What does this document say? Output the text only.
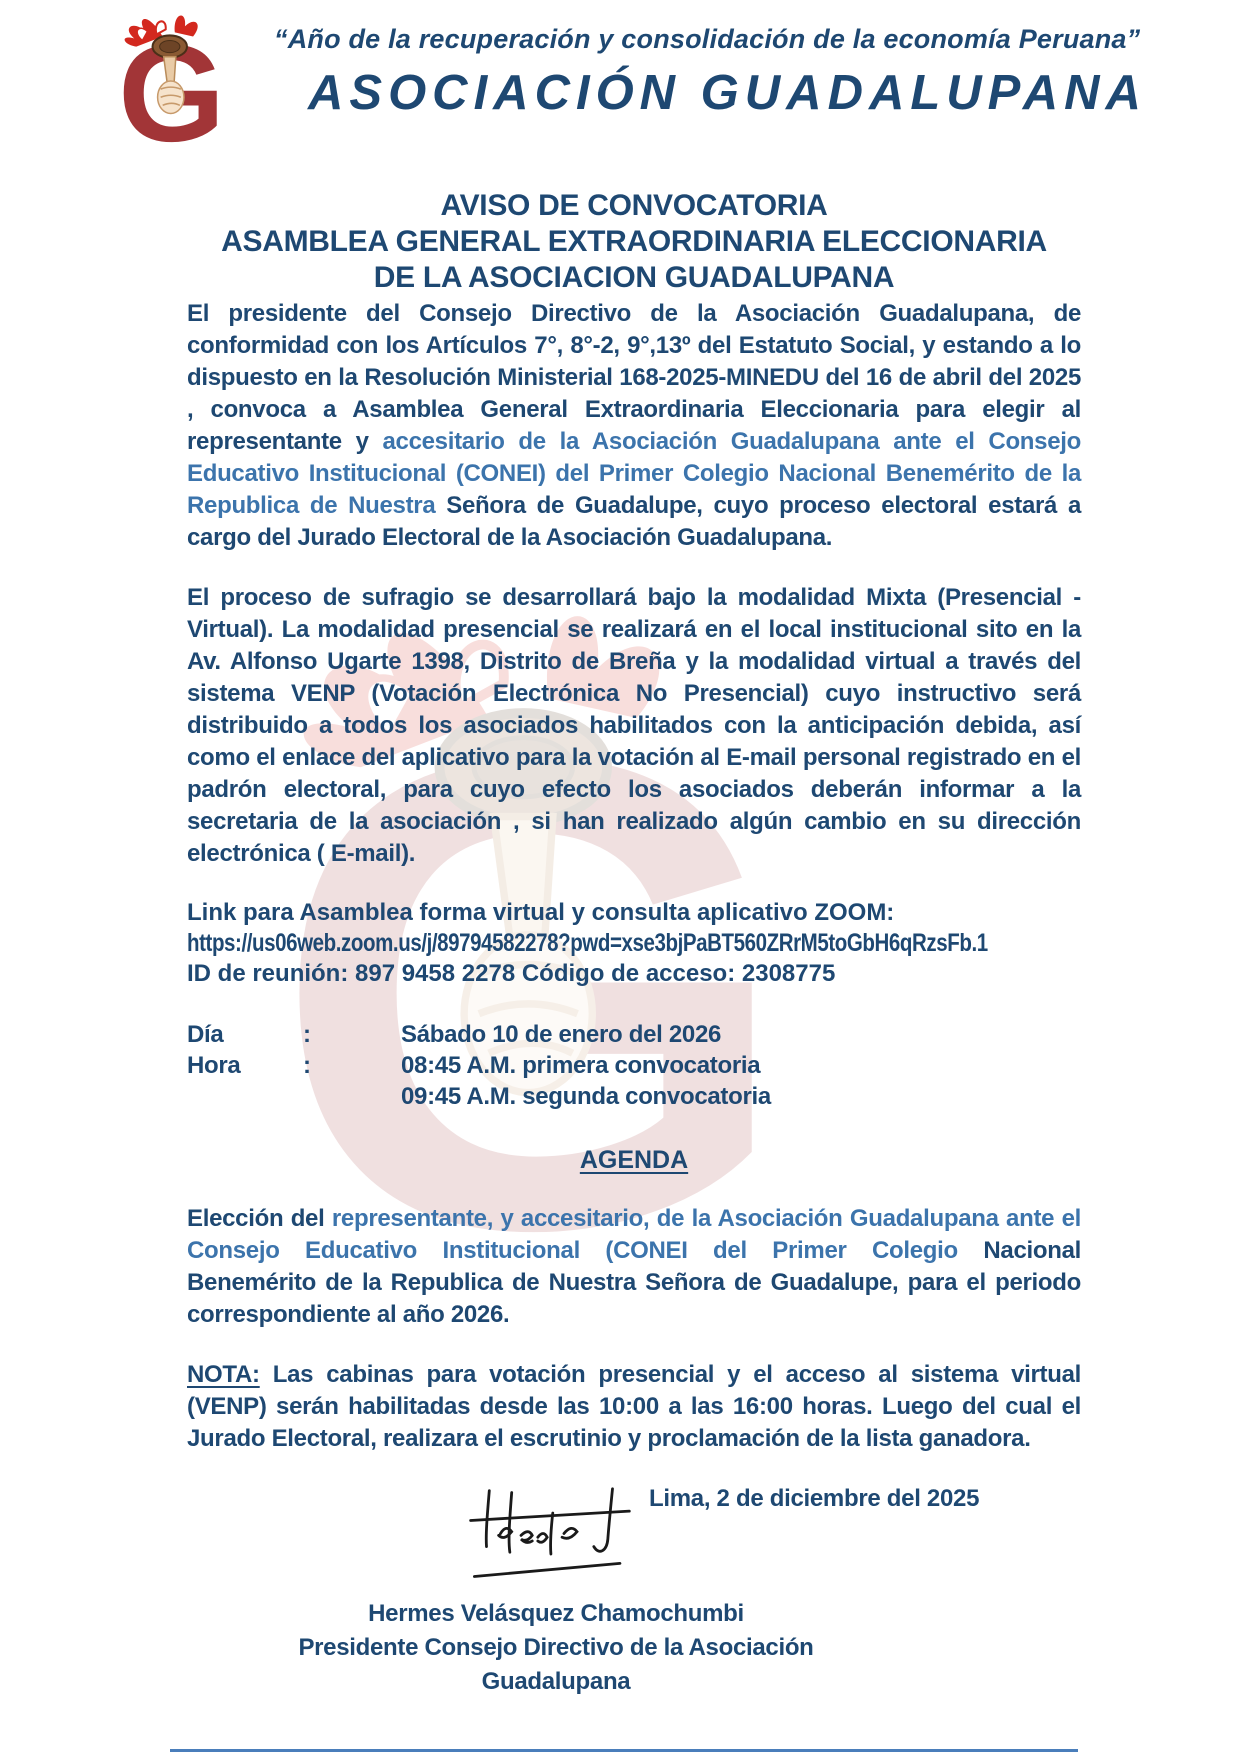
“Año de la recuperación y consolidación de la economía Peruana”
ASOCIACIÓN GUADALUPANA
AVISO DE CONVOCATORIA
ASAMBLEA GENERAL EXTRAORDINARIA ELECCIONARIA
DE LA ASOCIACION GUADALUPANA

El presidente del Consejo Directivo de la Asociación Guadalupana, de conformidad con los Artículos 7°, 8°-2, 9°,13º del Estatuto Social, y estando a lo dispuesto en la Resolución Ministerial 168-2025-MINEDU del 16 de abril del 2025 , convoca a Asamblea General Extraordinaria Eleccionaria para elegir al representante y accesitario de la Asociación Guadalupana ante el Consejo Educativo Institucional (CONEI) del Primer Colegio Nacional Benemérito de la Republica de Nuestra Señora de Guadalupe, cuyo proceso electoral estará a cargo del Jurado Electoral de la Asociación Guadalupana.

El proceso de sufragio se desarrollará bajo la modalidad Mixta (Presencial - Virtual). La modalidad presencial se realizará en el local institucional sito en la Av. Alfonso Ugarte 1398, Distrito de Breña y la modalidad virtual a través del sistema VENP (Votación Electrónica No Presencial) cuyo instructivo será distribuido a todos los asociados habilitados con la anticipación debida, así como el enlace del aplicativo para la votación al E-mail personal registrado en el padrón electoral, para cuyo efecto los asociados deberán informar a la secretaria de la asociación , si han realizado algún cambio en su dirección electrónica ( E-mail).

Link para Asamblea forma virtual y consulta aplicativo ZOOM:
https://us06web.zoom.us/j/89794582278?pwd=xse3bjPaBT560ZRrM5toGbH6qRzsFb.1
ID de reunión: 897 9458 2278 Código de acceso: 2308775
Día	:	Sábado 10 de enero del 2026
Hora	:	08:45 A.M. primera convocatoria
09:45 A.M. segunda convocatoria
AGENDA

Elección del representante, y accesitario, de la Asociación Guadalupana ante el Consejo Educativo Institucional (CONEI del Primer Colegio Nacional Benemérito de la Republica de Nuestra Señora de Guadalupe, para el periodo correspondiente al año 2026.

NOTA: Las cabinas para votación presencial y el acceso al sistema virtual (VENP) serán habilitadas desde las 10:00 a las 16:00 horas. Luego del cual el Jurado Electoral, realizara el escrutinio y proclamación de la lista ganadora.

Lima, 2 de diciembre del 2025
Hermes Velásquez Chamochumbi
Presidente Consejo Directivo de la Asociación
Guadalupana
